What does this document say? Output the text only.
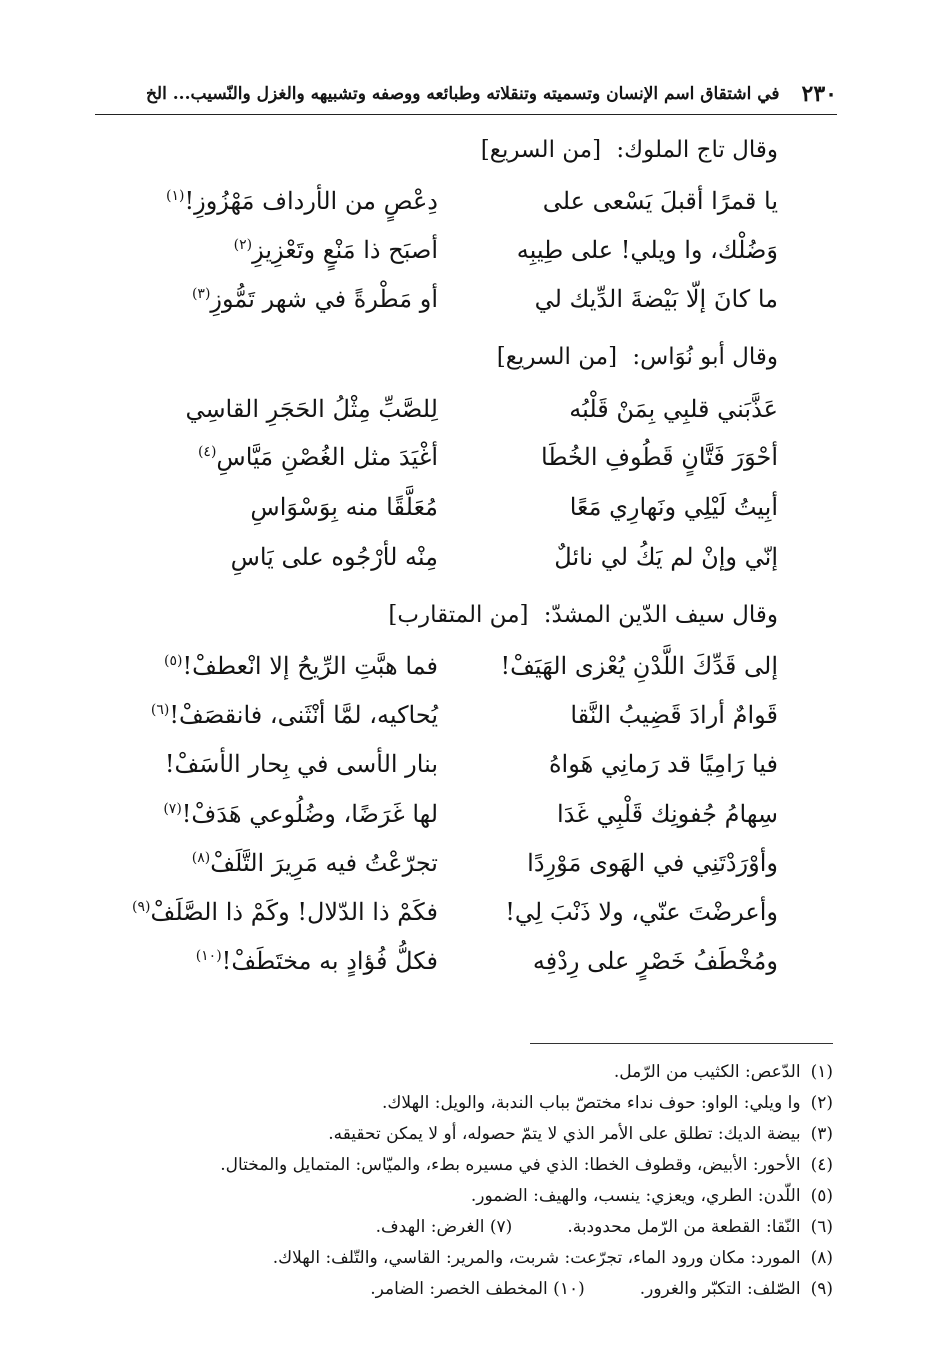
٢٣٠
في اشتقاق اسم الإنسان وتسميته وتنقلاته وطبائعه ووصفه وتشبيهه والغزل والنّسيب... الخ
وقال تاج الملوك: [من السريع]
يا قمرًا أقبلَ يَسْعى على
دِعْصٍ من الأرداف مَهْزُوزِ!$^{(١)}$
وَضُلْك، وا ويلي! على طِيبِه
أصبَح ذا مَنْعٍ وتَعْزِيزِ$^{(٢)}$
ما كانَ إلّا بَيْضةَ الدِّيك لي
أو مَطْرةً في شهر تَمُّوزِ$^{(٣)}$
وقال أبو نُوَاس: [من السريع]
عَذَّبَني قلبِي بِمَنْ قَلْبُه
لِلصَّبِّ مِثْلُ الحَجَرِ القاسِي
أحْوَرَ فَتَّانٍ قَطُوفِ الخُطَا
أغْيَدَ مثل الغُصْنِ مَيَّاسِ$^{(٤)}$
أبِيتُ لَيْلِي ونَهارِي مَعًا
مُعَلَّقًا منه بِوَسْوَاسِ
إنّي وإنْ لم يَكُ لي نائلٌ
مِنْه لأرْجُوه على يَاسِ
وقال سيف الدّين المشدّ: [من المتقارب]
إلى قَدِّكَ اللَّدْنِ يُعْزى الهَيَفْ!
فما هبَّتِ الرِّيحُ إلا انْعطفْ!$^{(٥)}$
قَوامٌ أرادَ قَضِيبُ النَّقا
يُحاكيه، لمَّا أنْثَنى، فانقصَفْ!$^{(٦)}$
فيا رَامِيًا قد رَمانِي هَواهُ
بنار الأسى في بِحار الأسَفْ!
سِهامُ جُفونِك قَلْبِي غَدَا
لها غَرَضًا، وضُلُوعي هَدَفْ!$^{(٧)}$
وأوْرَدْتَنِي في الهَوى مَوْرِدًا
تجرّعْتُ فيه مَرِيرَ التَّلَفْ$^{(٨)}$
وأعرضْتَ عنّي، ولا ذَنْبَ لِي!
فكَمْ ذا الدّلال! وكَمْ ذا الصَّلَفْ$^{(٩)}$
ومُخْطَفُ خَصْرٍ على رِدْفِه
فكلُّ فُؤادٍ به مختَطَفْ!$^{(١٠)}$
(١)الدّعص: الكثيب من الرّمل.
(٢)وا ويلي: الواو: حوف نداء مختصّ بباب الندبة، والويل: الهلاك.
(٣)بيضة الديك: تطلق على الأمر الذي لا يتمّ حصوله، أو لا يمكن تحقيقه.
(٤)الأحور: الأبيض، وقطوف الخطا: الذي في مسيره بطء، والميّاس: المتمايل والمختال.
(٥)اللّدن: الطري، ويعزي: ينسب، والهيف: الضمور.
(٦)النّقا: القطعة من الرّمل محدودبة.(٧) الغرض: الهدف.
(٨)المورد: مكان ورود الماء، تجرّعت: شربت، والمرير: القاسي، والتّلف: الهلاك.
(٩)الصّلف: التكبّر والغرور.(١٠) المخطف الخصر: الضامر.
